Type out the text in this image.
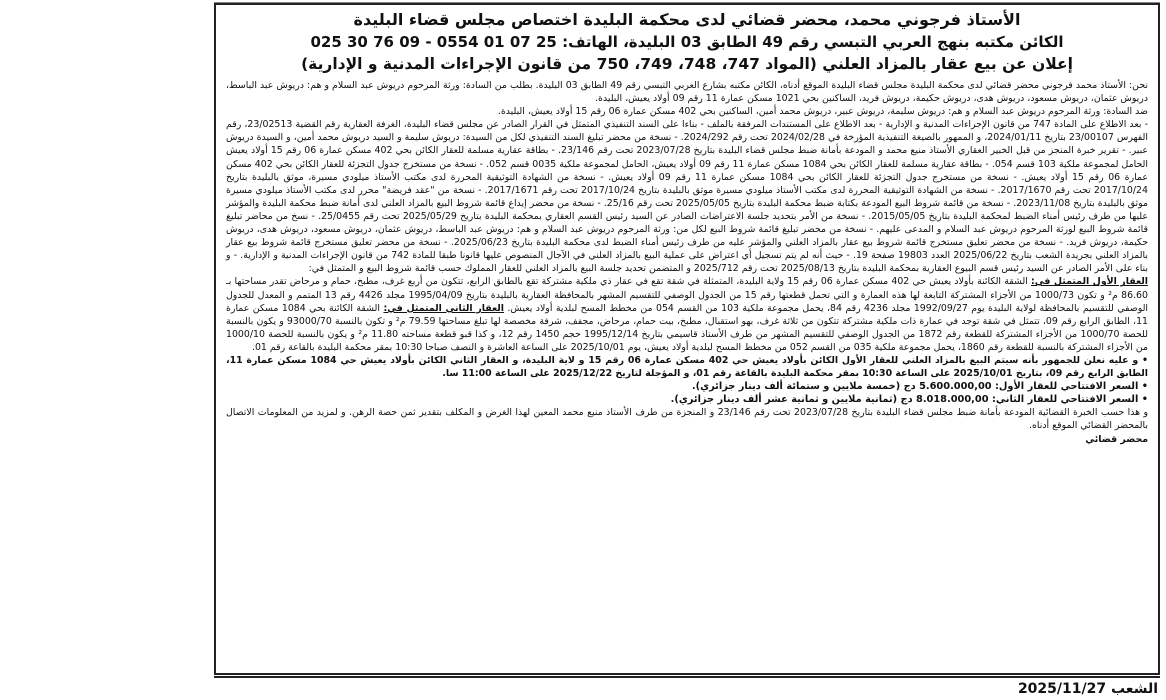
الأستاذ فرجوني محمد، محضر قضائي لدى محكمة البليدة اختصاص مجلس قضاء البليدة
الكائن مكتبه بنهج العربي التبسي رقم 49 الطابق 03 البليدة، الهاتف: 25 07 01 0554 - 09 76 30 025
إعلان عن بيع عقار بالمزاد العلني (المواد 747، 748، 749، 750 من قانون الإجراءات المدنية و الإدارية)

نحن: الأستاذ محمد فرجوني محضر قضائي لدى محكمة البليدة مجلس قضاء البليدة الموقع أدناه، الكائن مكتبه بشارع العربي التبسي رقم 49 الطابق 03 البليدة. بطلب من السادة: ورثة المرحوم دريوش عبد السلام و هم: دريوش عبد الباسط، دريوش عثمان، دريوش مسعود، دريوش هدى، دريوش حكيمة، دريوش فريد، الساكنين بحي 1021 مسكن عمارة 11 رقم 09 أولاد يعيش، البليدة.

ضد السادة: ورثة المرحوم دريوش عبد السلام و هم: دريوش سليمة، دريوش عبير، دريوش محمد أمين، الساكنين بحي 402 مسكن عمارة 06 رقم 15 أولاد يعيش، البليدة.

- بعد الاطلاع على المادة 747 من قانون الإجراءات المدنية و الإدارية - بعد الاطلاع على المستندات المرفقة بالملف - بناءا على السند التنفيذي المتمثل في القرار الصادر عن مجلس قضاء البليدة، الغرفة العقارية رقم القضية 23/02513، رقم الفهرس 23/00107 بتاريخ 2024/01/11، و الممهور بالصيغة التنفيذية المؤرخة في 2024/02/28 تحت رقم 2024/292. - نسخة من محضر تبليغ السند التنفيذي لكل من السيدة: دريوش سليمة و السيد دريوش محمد أمين، و السيدة دريوش عبير. - تقرير خبرة المنجز من قبل الخبير العقاري الأستاذ منيع محمد و المودعة بأمانة ضبط مجلس قضاء البليدة بتاريخ 2023/07/28 تحت رقم 23/146. - بطاقة عقارية مسلمة للعقار الكائن بحي 402 مسكن عمارة 06 رقم 15 أولاد يعيش الحامل لمجموعة ملكية 103 قسم 054. - بطاقة عقارية مسلمة للعقار الكائن بحي 1084 مسكن عمارة 11 رقم 09 أولاد يعيش، الحامل لمجموعة ملكية 0035 قسم 052. - نسخة من مستخرج جدول التجزئة للعقار الكائن بحي 402 مسكن عمارة 06 رقم 15 أولاد يعيش. - نسخة من مستخرج جدول التجزئة للعقار الكائن بحي 1084 مسكن عمارة 11 رقم 09 أولاد يعيش. - نسخة من الشهادة التوثيقية المحررة لدى مكتب الأستاذ ميلودي مسيرة، موثق بالبليدة بتاريخ 2017/10/24 تحت رقم 2017/1670. - نسخة من الشهادة التوثيقية المحررة لدى مكتب الأستاذ ميلودي مسيرة موثق بالبليدة بتاريخ 2017/10/24 تحت رقم 2017/1671. - نسخة من "عقد فريضة" محرر لدى مكتب الأستاذ ميلودي مسيرة موثق بالبليدة بتاريخ 2023/11/08. - نسخة من قائمة شروط البيع المودعة بكتابة ضبط محكمة البليدة بتاريخ 2025/05/05 تحت رقم 25/16. - نسخة من محضر إيداع قائمة شروط البيع بالمزاد العلني لدى أمانة ضبط محكمة البليدة والمؤشر عليها من طرف رئيس أمناء الضبط لمحكمة البليدة بتاريخ 2015/05/05. - نسخة من الأمر بتحديد جلسة الاعتراضات الصادر عن السيد رئيس القسم العقاري بمحكمة البليدة بتاريخ 2025/05/29 تحت رقم 25/0455. - نسخ من محاضر تبليغ قائمة شروط البيع لورثة المرحوم دريوش عبد السلام و المدعى عليهم. - نسخة من محضر تبليغ قائمة شروط البيع لكل من: ورثة المرحوم دريوش عبد السلام و هم: دريوش عبد الباسط، دريوش عثمان، دريوش مسعود، دريوش هدى، دريوش حكيمة، دريوش فريد. - نسخة من محضر تعليق مستخرج قائمة شروط بيع عقار بالمزاد العلني والمؤشر عليه من طرف رئيس أمناء الضبط لدى محكمة البليدة بتاريخ 2025/06/23. - نسخة من محضر تعليق مستخرج قائمة شروط بيع عقار بالمزاد العلني بجريدة الشعب بتاريخ 2025/06/22 العدد 19803 صفحة 19. - حيث أنه لم يتم تسجيل أي اعتراض على عملية البيع بالمزاد العلني في الآجال المنصوص عليها قانونا طبقا للمادة 742 من قانون الإجراءات المدنية و الإدارية. - و بناء على الأمر الصادر عن السيد رئيس قسم البيوع العقارية بمحكمة البليدة بتاريخ 2025/08/13 تحت رقم 2025/712 و المتضمن تحديد جلسة البيع بالمزاد العلني للعقار المملوك حسب قائمة شروط البيع و المتمثل في:

العقار الأول المتمثل في: الشقة الكائنة بأولاد يعيش حي 402 مسكن عمارة 06 رقم 15 ولاية البليدة، المتمثلة في شقة تقع في عقار ذي ملكية مشتركة تقع بالطابق الرابع، تتكون من أربع غرف، مطبخ، حمام و مرحاض تقدر مساحتها بـ 86.60 م² و تكون 1000/73 من الأجزاء المشتركة التابعة لها هذه العمارة و التي تحمل قطعتها رقم 15 من الجدول الوصفي للتقسيم المشهر بالمحافظة العقارية بالبليدة بتاريخ 1995/04/09 مجلد 4426 رقم 13 المتمم و المعدل للجدول الوصفي للتقسيم بالمحافظة لولاية البليدة يوم 1992/09/27 مجلد 4236 رقم 84، يحمل مجموعة ملكية 103 من القسم 054 من مخطط المسح لبلدية أولاد يعيش. العقار الثاني المتمثل في: الشقة الكائنة بحي 1084 مسكن عمارة 11، الطابق الرابع رقم 09، تتمثل في شقة توجد في عمارة ذات ملكية مشتركة تتكون من ثلاثة غرف، بهو استقبال، مطبخ، بيت حمام، مرحاض، مجفف، شرفة مخصصة لها تبلغ مساحتها 79.59 م² و تكون بالنسبة 93000/70 و يكون بالنسبة للحصة 1000/70 من الأجزاء المشتركة للقطعة رقم 1872 من الجدول الوصفي للتقسيم المشهر من طرف الأستاذ قاسيمي بتاريخ 1995/12/14 حجم 1450 رقم 12، و كذا قبو قطعة مساحته 11.80 م² و يكون بالنسبة للحصة 1000/10 من الأجزاء المشتركة بالنسبة للقطعة رقم 1860، يحمل مجموعة ملكية 035 من القسم 052 من مخطط المسح لبلدية أولاد يعيش، يوم 2025/10/01 على الساعة العاشرة و النصف صباحا 10:30 بمقر محكمة البليدة بالقاعة رقم 01.

• و عليه نعلن للجمهور بأنه سيتم البيع بالمزاد العلني للعقار الأول الكائن بأولاد يعيش حي 402 مسكن عمارة 06 رقم 15 و لاية البليدة، و العقار الثاني الكائن بأولاد يعيش حي 1084 مسكن عمارة 11، الطابق الرابع رقم 09، بتاريخ 2025/10/01 على الساعة 10:30 بمقر محكمة البليدة بالقاعة رقم 01، و المؤجلة لتاريخ 2025/12/22 على الساعة 11:00 سا.

• السعر الافتتاحي للعقار الأول: 5.600.000,00 دج (خمسة ملايين و ستمائة ألف دينار جزائري).

• السعر الافتتاحي للعقار الثاني: 8.018.000,00 دج (ثمانية ملايين و ثمانية عشر ألف دينار جزائري).

و هذا حسب الخبرة القضائية المودعة بأمانة ضبط مجلس قضاء البليدة بتاريخ 2023/07/28 تحت رقم 23/146 و المنجزة من طرف الأستاذ منيع محمد المعين لهذا الغرض و المكلف بتقدير ثمن حصة الرهن. و لمزيد من المعلومات الاتصال بالمحضر القضائي الموقع أدناه.

محضر قضائي

الشعب 2025/11/27
